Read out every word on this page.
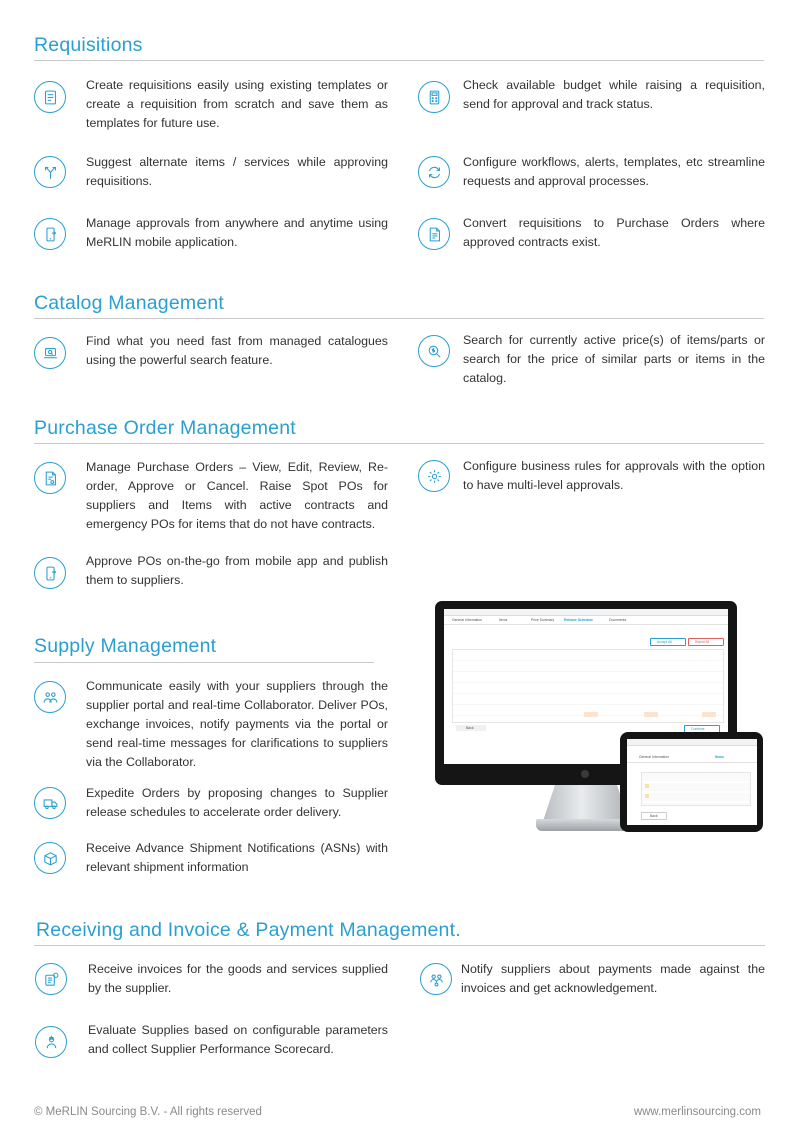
Requisitions

Create requisitions easily using existing templates or create a requisition from scratch and save them as templates for future use.

Check available budget while raising a requisition, send for approval and track status.

Suggest alternate items / services while approving requisitions.

Configure workflows, alerts, templates, etc streamline requests and approval processes.

Manage approvals from anywhere and anytime using MeRLIN mobile application.

Convert requisitions to Purchase Orders where approved contracts exist.

Catalog Management

Find what you need fast from managed catalogues using the powerful search feature.

Search for currently active price(s) of items/parts or search for the price of similar parts or items in the catalog.

Purchase Order Management

Manage Purchase Orders – View, Edit, Review, Re-order, Approve or Cancel. Raise Spot POs for suppliers and Items with active contracts and emergency POs for items that do not have contracts.

Configure business rules for approvals with the option to have multi-level approvals.

Approve POs on-the-go from mobile app and publish them to suppliers.

Supply Management

Communicate easily with your suppliers through the supplier portal and real-time Collaborator. Deliver POs, exchange invoices, notify payments via the portal or send real-time messages for clarifications to suppliers via the Collaborator.

Expedite Orders by proposing changes to Supplier release schedules to accelerate order delivery.

Receive Advance Shipment Notifications (ASNs) with relevant shipment information

General Information	Items	Price Summary	Release Schedule	Documents
Accept All	Reject All
Back	Continue
General Information	Items
Back
Receiving and Invoice & Payment Management.

Receive invoices for the goods and services supplied by the supplier.

Notify suppliers about payments made against the invoices and get acknowledgement.

Evaluate Supplies based on configurable parameters and collect Supplier Performance Scorecard.

© MeRLIN Sourcing B.V. - All rights reserved	www.merlinsourcing.com
